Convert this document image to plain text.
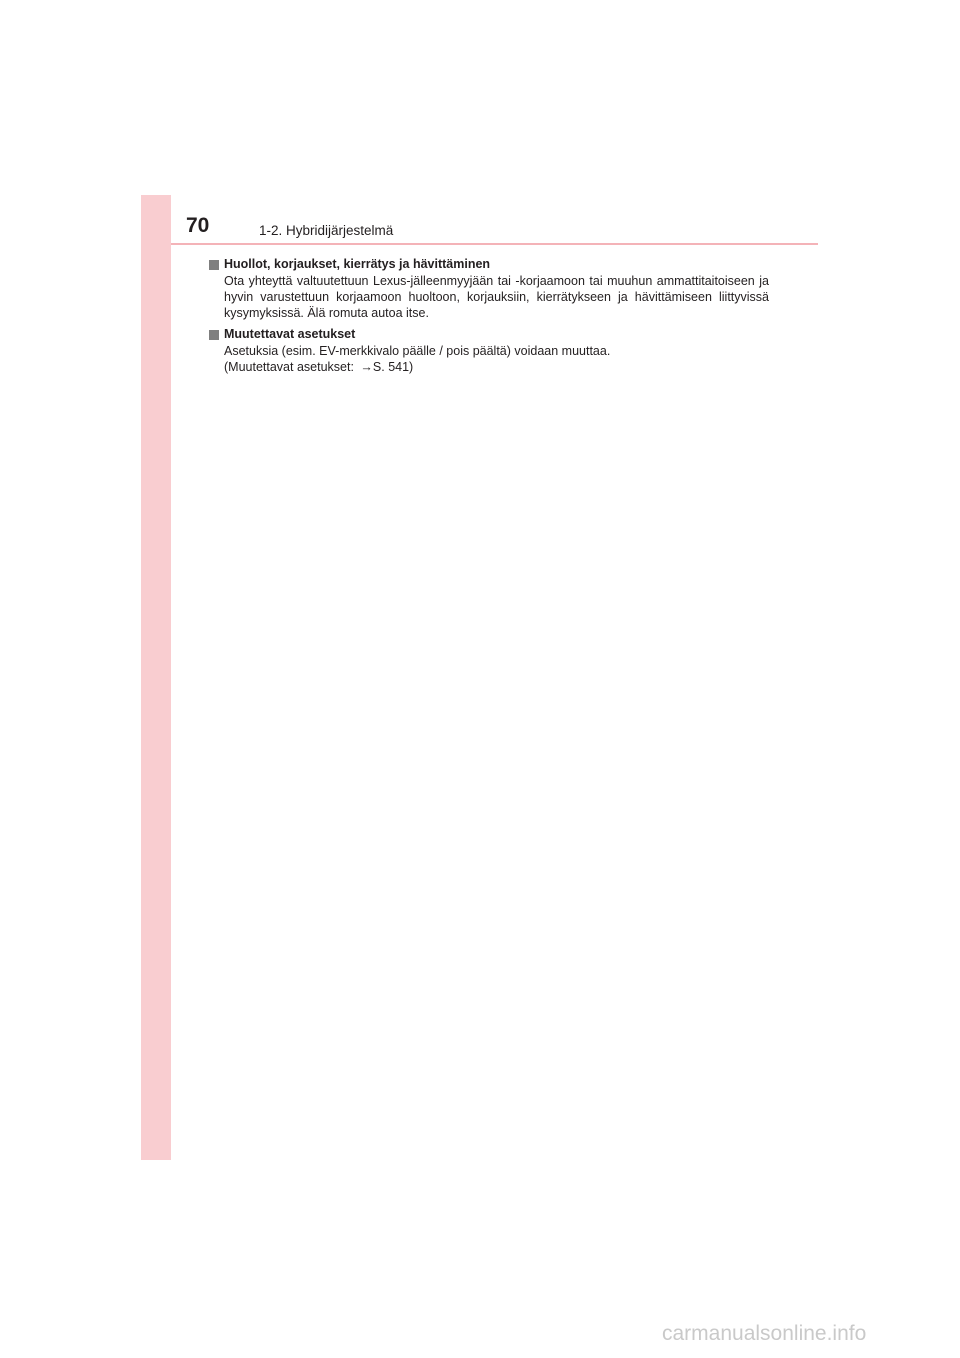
70	1-2. Hybridijärjestelmä
Huollot, korjaukset, kierrätys ja hävittäminen

Ota yhteyttä valtuutettuun Lexus-jälleenmyyjään tai -korjaamoon tai muuhun ammattitaitoiseen ja hyvin varustettuun korjaamoon huoltoon, korjauksiin, kierrätykseen ja hävittämiseen liittyvissä kysymyksissä. Älä romuta autoa itse.

Muutettavat asetukset

Asetuksia (esim. EV-merkkivalo päälle / pois päältä) voidaan muuttaa.

(Muutettavat asetukset: →S. 541)

carmanualsonline.info
